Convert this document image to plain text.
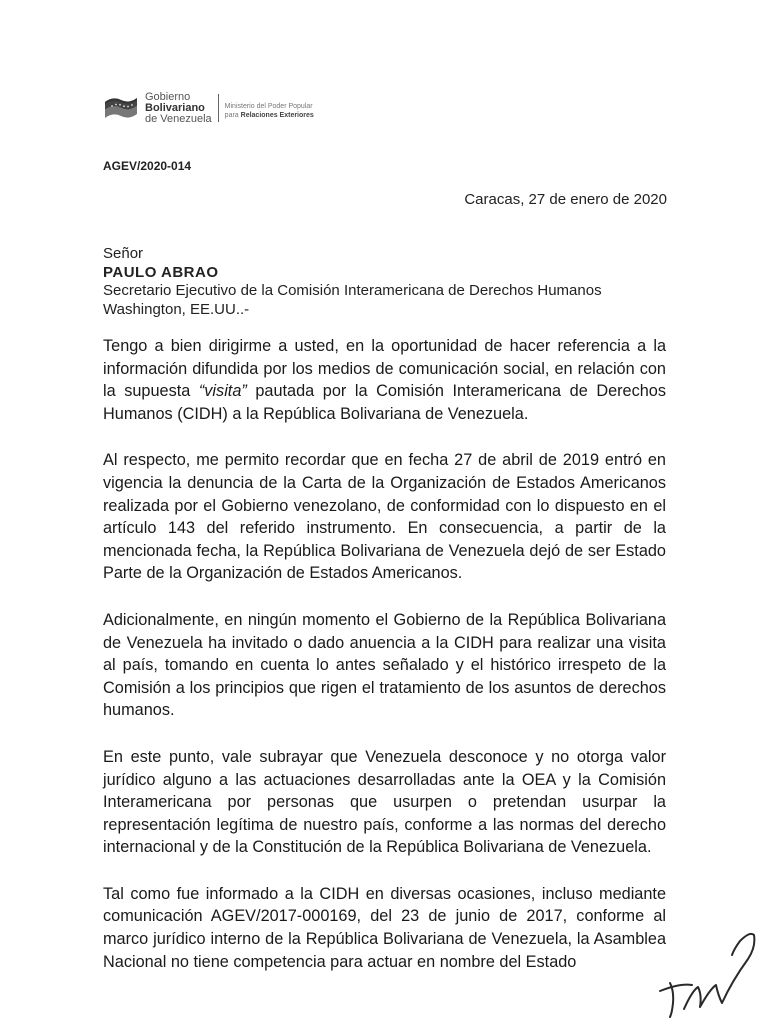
Gobierno
Bolivariano
de Venezuela
Ministerio del Poder Popular
para Relaciones Exteriores
AGEV/2020-014
Caracas, 27 de enero de 2020
Señor
PAULO ABRAO
Secretario Ejecutivo de la Comisión Interamericana de Derechos Humanos
Washington, EE.UU..-

Tengo a bien dirigirme a usted, en la oportunidad de hacer referencia a la información difundida por los medios de comunicación social, en relación con la supuesta “visita” pautada por la Comisión Interamericana de Derechos Humanos (CIDH) a la República Bolivariana de Venezuela.

Al respecto, me permito recordar que en fecha 27 de abril de 2019 entró en vigencia la denuncia de la Carta de la Organización de Estados Americanos realizada por el Gobierno venezolano, de conformidad con lo dispuesto en el artículo 143 del referido instrumento. En consecuencia, a partir de la mencionada fecha, la República Bolivariana de Venezuela dejó de ser Estado Parte de la Organización de Estados Americanos.

Adicionalmente, en ningún momento el Gobierno de la República Bolivariana de Venezuela ha invitado o dado anuencia a la CIDH para realizar una visita al país, tomando en cuenta lo antes señalado y el histórico irrespeto de la Comisión a los principios que rigen el tratamiento de los asuntos de derechos humanos.

En este punto, vale subrayar que Venezuela desconoce y no otorga valor jurídico alguno a las actuaciones desarrolladas ante la OEA y la Comisión Interamericana por personas que usurpen o pretendan usurpar la representación legítima de nuestro país, conforme a las normas del derecho internacional y de la Constitución de la República Bolivariana de Venezuela.

Tal como fue informado a la CIDH en diversas ocasiones, incluso mediante comunicación AGEV/2017-000169, del 23 de junio de 2017, conforme al marco jurídico interno de la República Bolivariana de Venezuela, la Asamblea Nacional no tiene competencia para actuar en nombre del Estado
